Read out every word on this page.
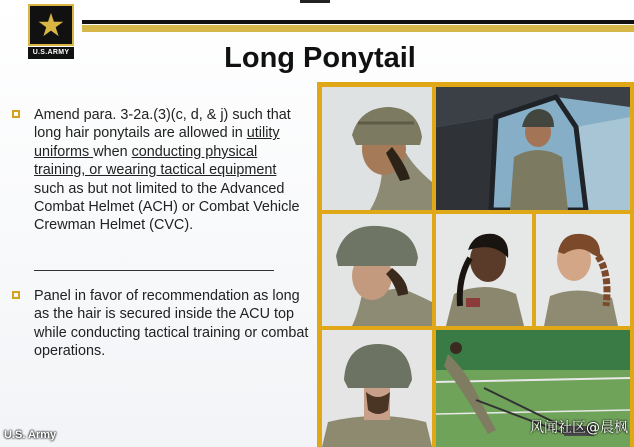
★
U.S.ARMY	Long Ponytail
Amend para. 3-2a.(3)(c, d, & j) such that long hair ponytails are allowed in utility uniforms when conducting physical training, or wearing tactical equipment such as but not limited to the Advanced Combat Helmet (ACH) or Combat Vehicle Crewman Helmet (CVC).
Panel in favor of recommendation as long as the hair is secured inside the ACU top while conducting tactical training or combat operations.
U.S. Army	风闻社区@晨枫
